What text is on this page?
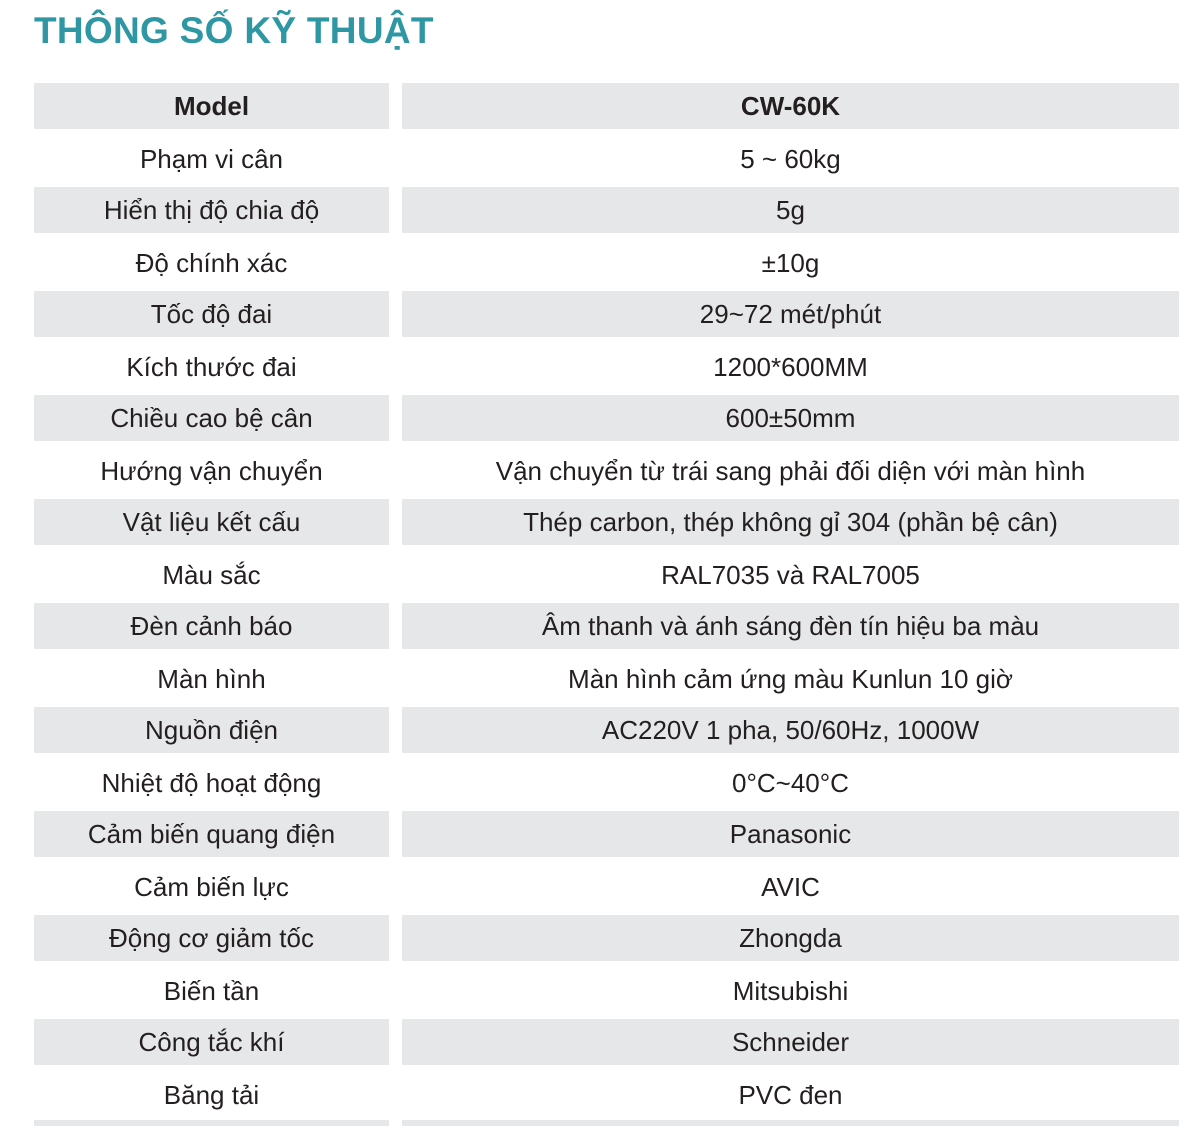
THÔNG SỐ KỸ THUẬT
Model	CW-60K
Phạm vi cân	5 ~ 60kg
Hiển thị độ chia độ	5g
Độ chính xác	±10g
Tốc độ đai	29~72 mét/phút
Kích thước đai	1200*600MM
Chiều cao bệ cân	600±50mm
Hướng vận chuyển	Vận chuyển từ trái sang phải đối diện với màn hình
Vật liệu kết cấu	Thép carbon, thép không gỉ 304 (phần bệ cân)
Màu sắc	RAL7035 và RAL7005
Đèn cảnh báo	Âm thanh và ánh sáng đèn tín hiệu ba màu
Màn hình	Màn hình cảm ứng màu Kunlun 10 giờ
Nguồn điện	AC220V 1 pha, 50/60Hz, 1000W
Nhiệt độ hoạt động	0°C~40°C
Cảm biến quang điện	Panasonic
Cảm biến lực	AVIC
Động cơ giảm tốc	Zhongda
Biến tần	Mitsubishi
Công tắc khí	Schneider
Băng tải	PVC đen
